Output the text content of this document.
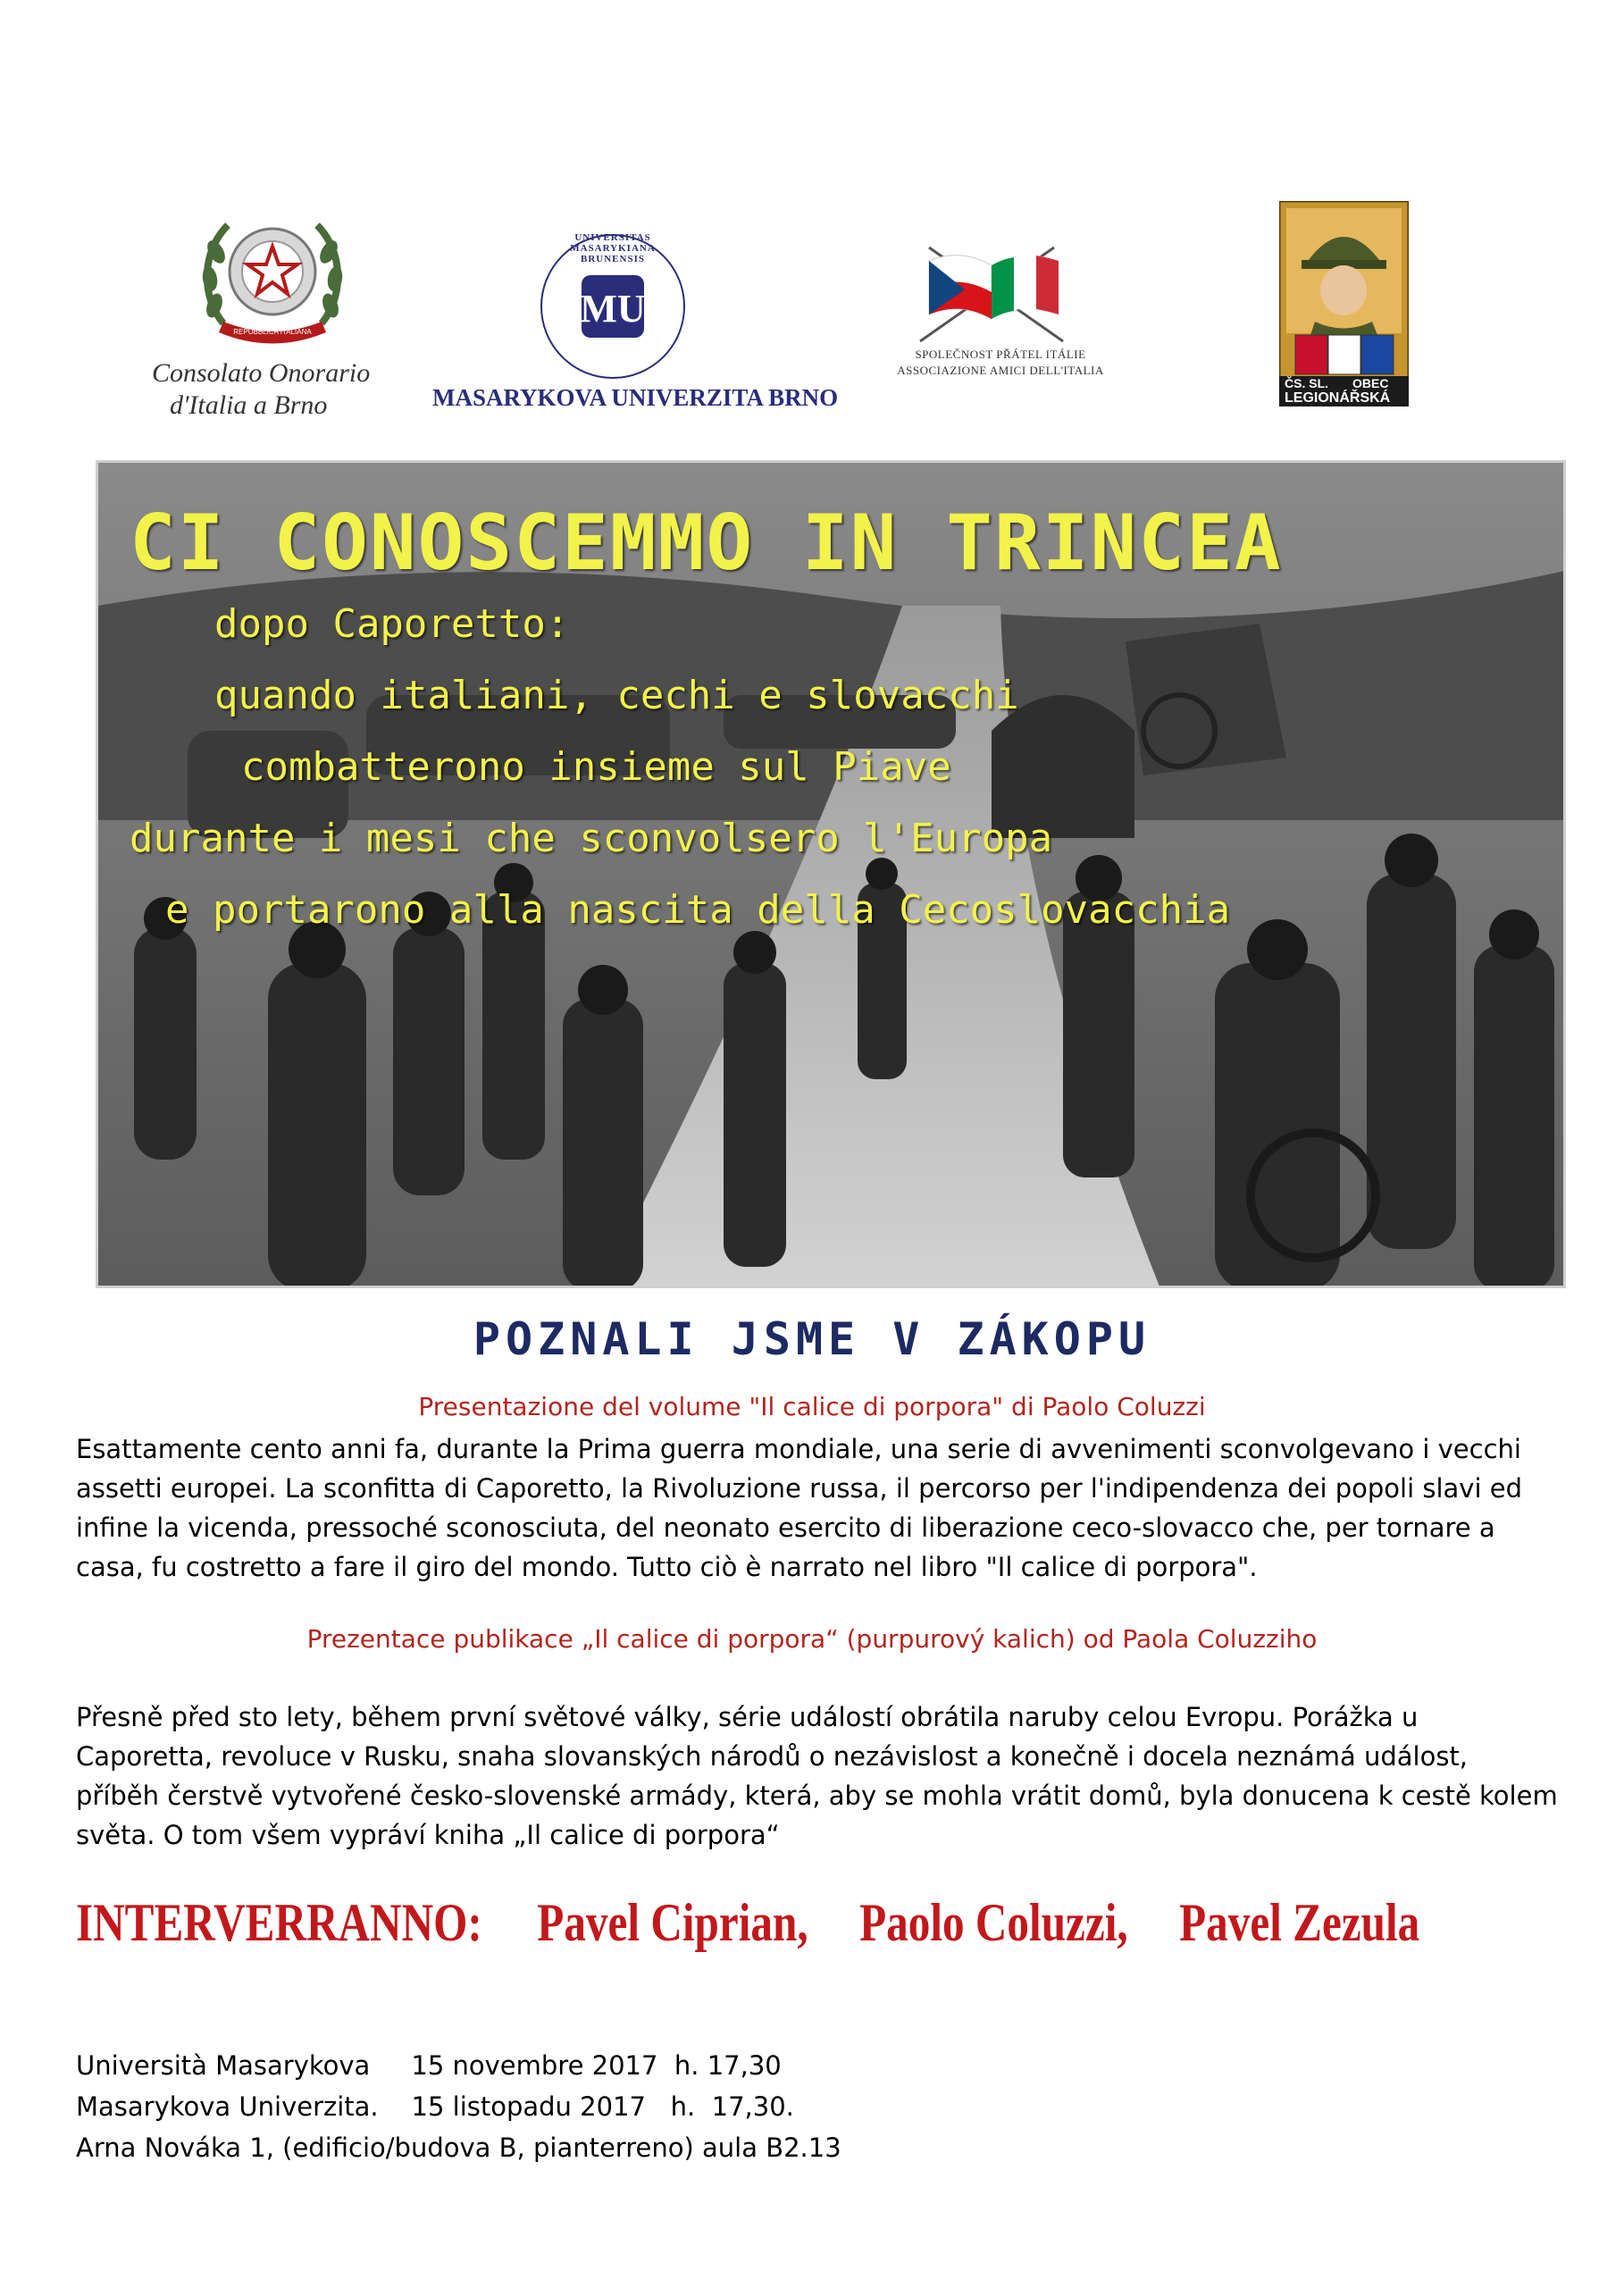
REPUBBLICA ITALIANA
Consolato Onorario
d'Italia a Brno
MU
UNIVERSITAS MASARYKIANA BRUNENSIS
MASARYKOVA UNIVERZITA BRNO
SPOLEČNOST PŘÁTEL ITÁLIE
ASSOCIAZIONE AMICI DELL'ITALIA
ČS. SL. OBEC
LEGIONÁŘSKÁ
CI CONOSCEMMO IN TRINCEA
dopo Caporetto:
quando italiani, cechi e slovacchi
combatterono insieme sul Piave
durante i mesi che sconvolsero l'Europa
e portarono alla nascita della Cecoslovacchia
POZNALI JSME V ZÁKOPU
Presentazione del volume "Il calice di porpora" di Paolo Coluzzi
Esattamente cento anni fa, durante la Prima guerra mondiale, una serie di avvenimenti sconvolgevano i vecchi assetti europei. La sconfitta di Caporetto, la Rivoluzione russa, il percorso per l'indipendenza dei popoli slavi ed infine la vicenda, pressoché sconosciuta, del neonato esercito di liberazione ceco-slovacco che, per tornare a casa, fu costretto a fare il giro del mondo. Tutto ciò è narrato nel libro "Il calice di porpora".
Prezentace publikace „Il calice di porpora“ (purpurový kalich) od Paola Coluzziho
Přesně před sto lety, během první světové války, série událostí obrátila naruby celou Evropu. Porážka u Caporetta, revoluce v Rusku, snaha slovanských národů o nezávislost a konečně i docela neznámá událost, příběh čerstvě vytvořené česko-slovenské armády, která, aby se mohla vrátit domů, byla donucena k cestě kolem světa. O tom všem vypráví kniha „Il calice di porpora“
INTERVERRANNO: Pavel Ciprian, Paolo Coluzzi, Pavel Zezula
Università Masarykova     15 novembre 2017  h. 17,30
Masarykova Univerzita.    15 listopadu 2017   h.  17,30.
Arna Nováka 1, (edificio/budova B, pianterreno) aula B2.13
